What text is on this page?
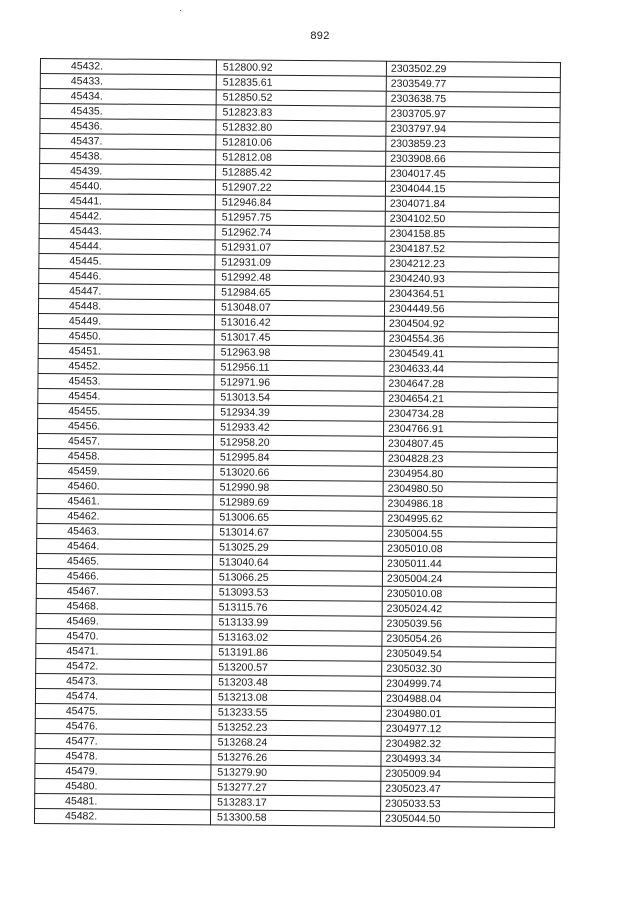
892
45432.	512800.92	2303502.29
45433.	512835.61	2303549.77
45434.	512850.52	2303638.75
45435.	512823.83	2303705.97
45436.	512832.80	2303797.94
45437.	512810.06	2303859.23
45438.	512812.08	2303908.66
45439.	512885.42	2304017.45
45440.	512907.22	2304044.15
45441.	512946.84	2304071.84
45442.	512957.75	2304102.50
45443.	512962.74	2304158.85
45444.	512931.07	2304187.52
45445.	512931.09	2304212.23
45446.	512992.48	2304240.93
45447.	512984.65	2304364.51
45448.	513048.07	2304449.56
45449.	513016.42	2304504.92
45450.	513017.45	2304554.36
45451.	512963.98	2304549.41
45452.	512956.11	2304633.44
45453.	512971.96	2304647.28
45454.	513013.54	2304654.21
45455.	512934.39	2304734.28
45456.	512933.42	2304766.91
45457.	512958.20	2304807.45
45458.	512995.84	2304828.23
45459.	513020.66	2304954.80
45460.	512990.98	2304980.50
45461.	512989.69	2304986.18
45462.	513006.65	2304995.62
45463.	513014.67	2305004.55
45464.	513025.29	2305010.08
45465.	513040.64	2305011.44
45466.	513066.25	2305004.24
45467.	513093.53	2305010.08
45468.	513115.76	2305024.42
45469.	513133.99	2305039.56
45470.	513163.02	2305054.26
45471.	513191.86	2305049.54
45472.	513200.57	2305032.30
45473.	513203.48	2304999.74
45474.	513213.08	2304988.04
45475.	513233.55	2304980.01
45476.	513252.23	2304977.12
45477.	513268.24	2304982.32
45478.	513276.26	2304993.34
45479.	513279.90	2305009.94
45480.	513277.27	2305023.47
45481.	513283.17	2305033.53
45482.	513300.58	2305044.50
